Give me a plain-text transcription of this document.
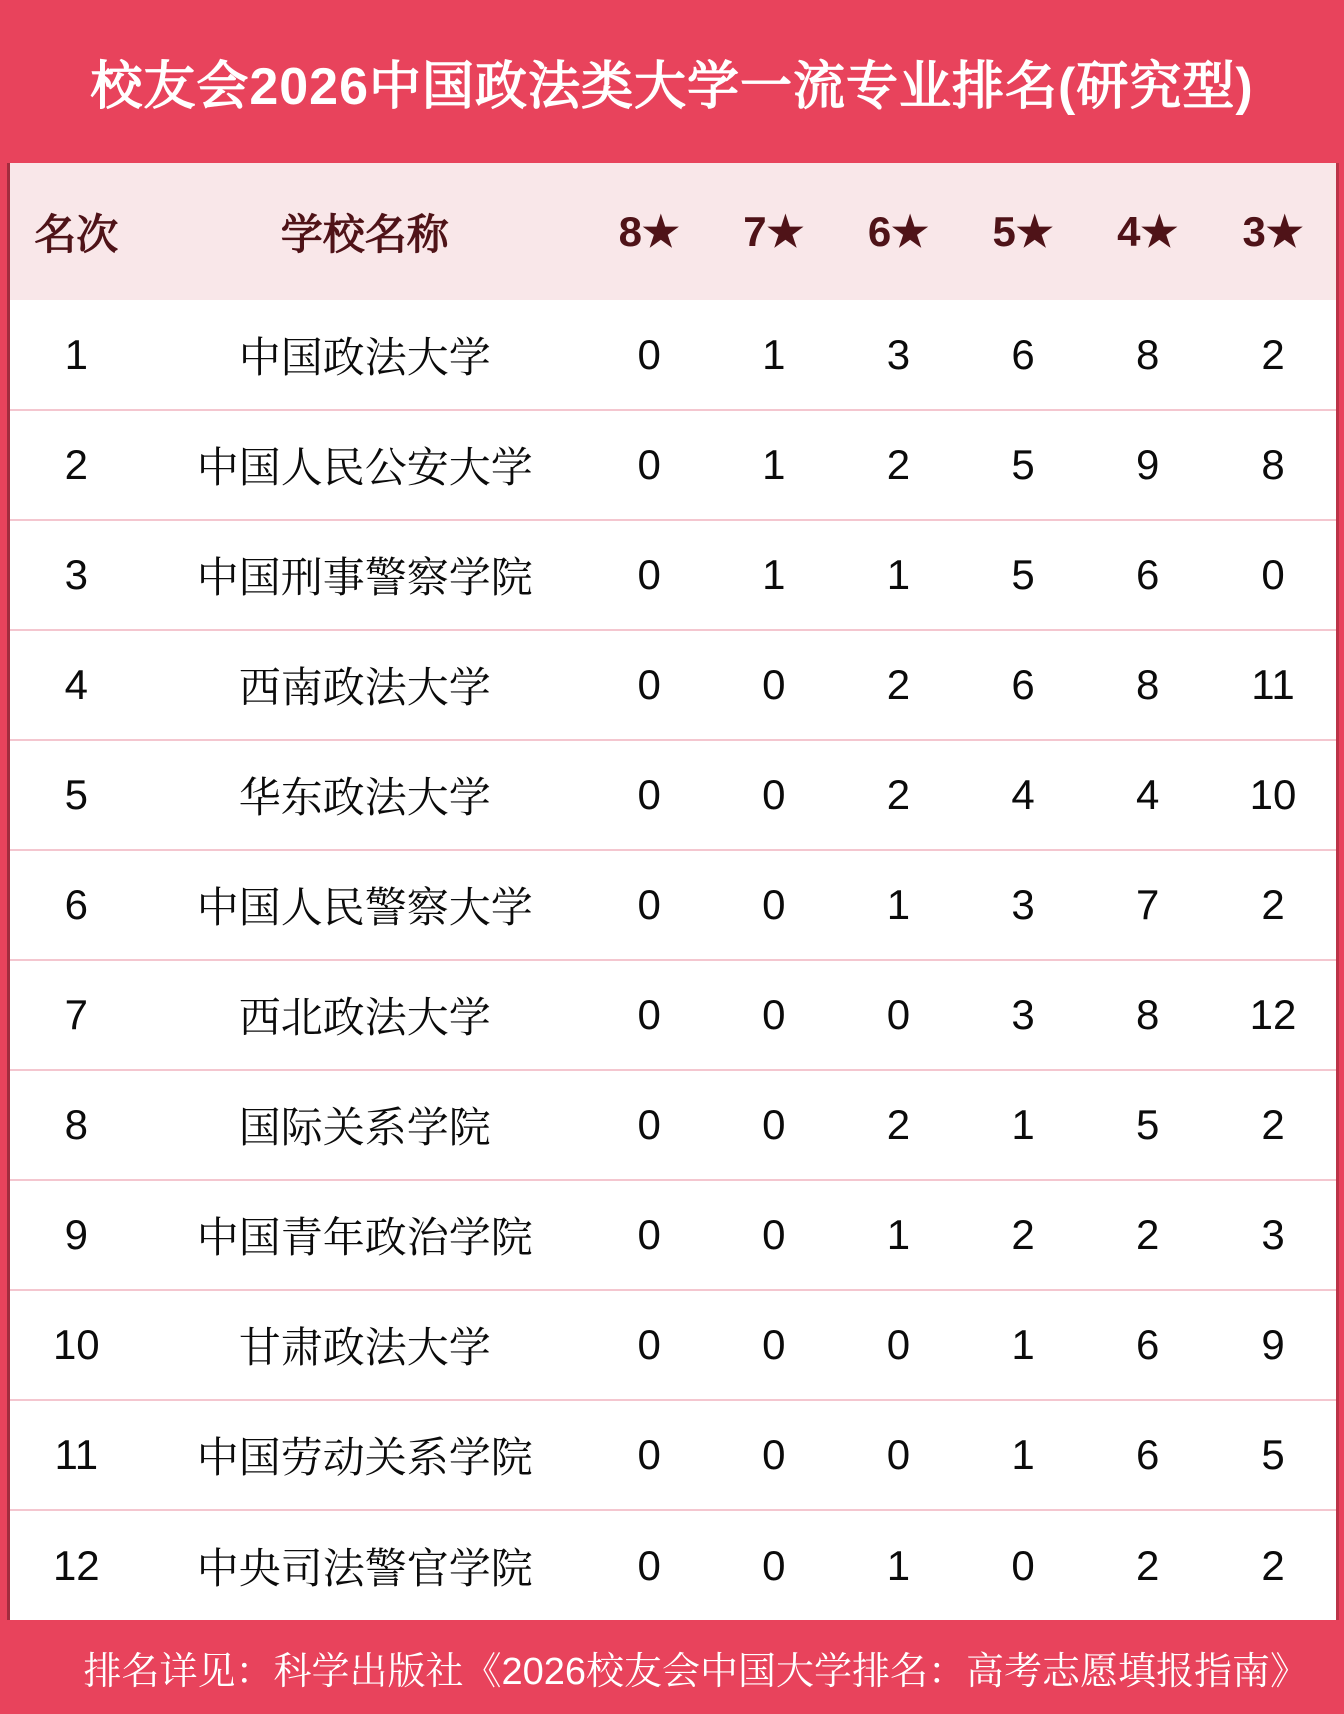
校友会2026中国政法类大学一流专业排名(研究型)
名次	学校名称	8★	7★	6★	5★	4★	3★
1	中国政法大学	0	1	3	6	8	2
2	中国人民公安大学	0	1	2	5	9	8
3	中国刑事警察学院	0	1	1	5	6	0
4	西南政法大学	0	0	2	6	8	11
5	华东政法大学	0	0	2	4	4	10
6	中国人民警察大学	0	0	1	3	7	2
7	西北政法大学	0	0	0	3	8	12
8	国际关系学院	0	0	2	1	5	2
9	中国青年政治学院	0	0	1	2	2	3
10	甘肃政法大学	0	0	0	1	6	9
11	中国劳动关系学院	0	0	0	1	6	5
12	中央司法警官学院	0	0	1	0	2	2
排名详见：科学出版社《2026校友会中国大学排名：高考志愿填报指南》
